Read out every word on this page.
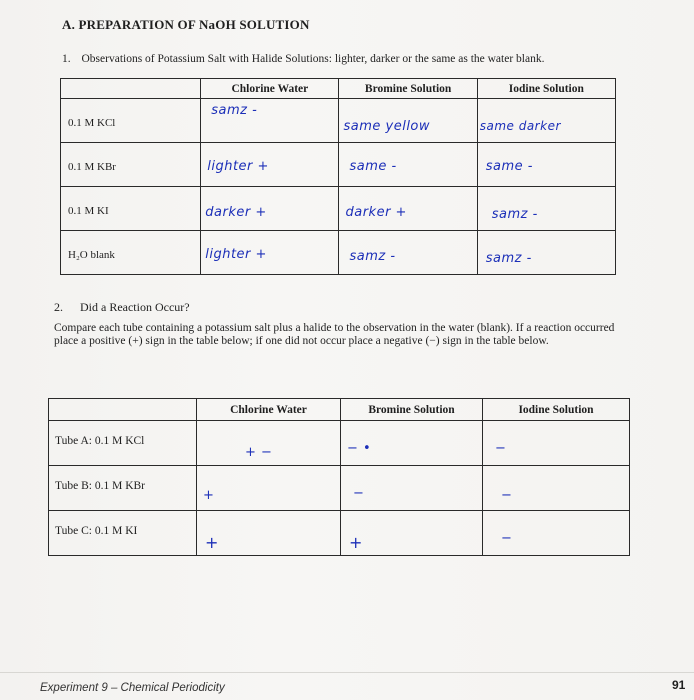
A. PREPARATION OF NaOH SOLUTION
1. Observations of Potassium Salt with Halide Solutions: lighter, darker or the same as the water blank.
	Chlorine Water	Bromine Solution	Iodine Solution
0.1 M KCl	samz -	same yellow	same darker

0.1 M KBr	lighter +	same -	same -

0.1 M KI	darker +	darker +	samz -

H₂O blank	lighter +	samz -	samz -
2. Did a Reaction Occur?
Compare each tube containing a potassium salt plus a halide to the observation in the water (blank). If a reaction occurred place a positive (+) sign in the table below; if one did not occur place a negative (−) sign in the table below.
	Chlorine Water	Bromine Solution	Iodine Solution
Tube A: 0.1 M KCl	+ −	− •	−

Tube B: 0.1 M KBr	+	−	−

Tube C: 0.1 M KI	+	+	−
Experiment 9 – Chemical Periodicity	91
